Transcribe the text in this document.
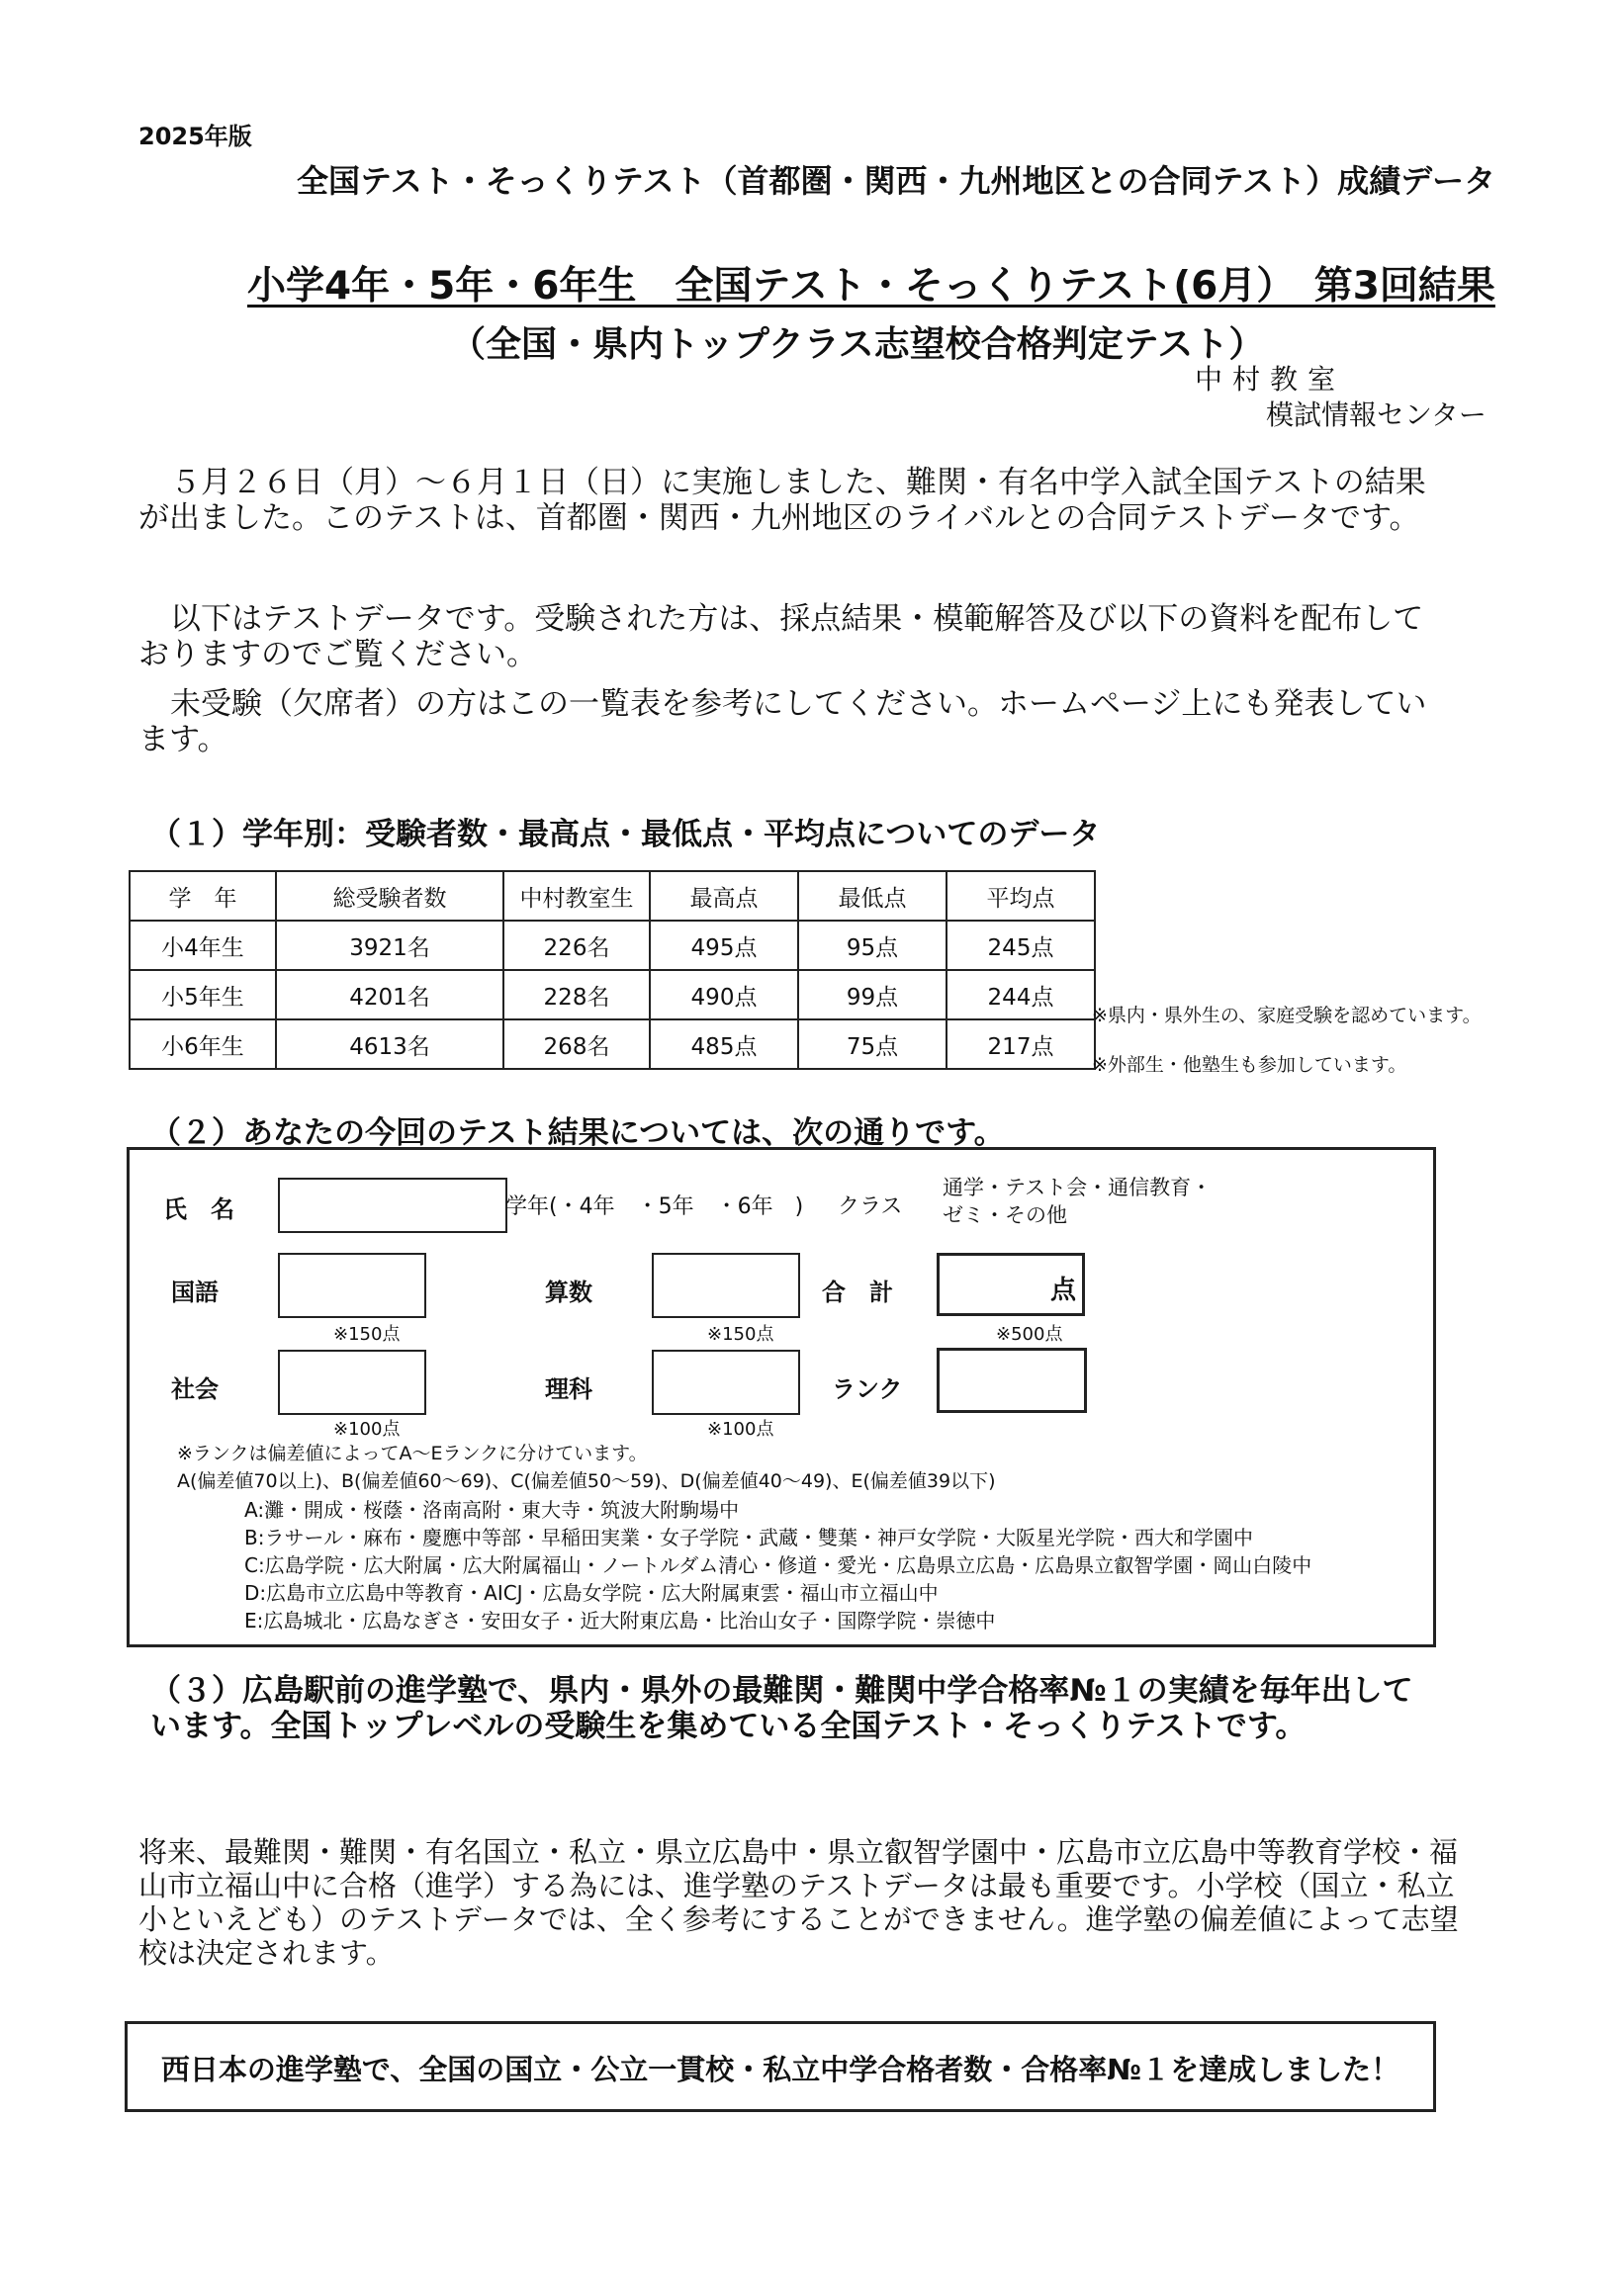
2025年版
全国テスト・そっくりテスト（首都圏・関西・九州地区との合同テスト）成績データ
小学4年・5年・6年生　全国テスト・そっくりテスト(6月）　第3回結果
（全国・県内トップクラス志望校合格判定テスト）
中村教室
模試情報センター

５月２６日（月）～６月１日（日）に実施しました、難関・有名中学入試全国テストの結果が出ました。このテストは、首都圏・関西・九州地区のライバルとの合同テストデータです。

以下はテストデータです。受験された方は、採点結果・模範解答及び以下の資料を配布しておりますのでご覧ください。

未受験（欠席者）の方はこの一覧表を参考にしてください。ホームページ上にも発表しています。

（１）学年別：受験者数・最高点・最低点・平均点についてのデータ
学　年	総受験者数	中村教室生	最高点	最低点	平均点
小4年生	3921名	226名	495点	95点	245点
小5年生	4201名	228名	490点	99点	244点
小6年生	4613名	268名	485点	75点	217点
※県内・県外生の、家庭受験を認めています。
※外部生・他塾生も参加しています。
（２）あなたの今回のテスト結果については、次の通りです。
氏　名	学年(・4年　・5年　・6年　) クラス
通学・テスト会・通信教育・
ゼミ・その他
国語
※150点
算数
※150点
合　計	点
※500点
社会
※100点
理科
※100点
ランク
※ランクは偏差値によってA～Eランクに分けています。
A(偏差値70以上)、B(偏差値60～69)、C(偏差値50～59)、D(偏差値40～49)、E(偏差値39以下)
A:灘・開成・桜蔭・洛南高附・東大寺・筑波大附駒場中
B:ラサール・麻布・慶應中等部・早稲田実業・女子学院・武蔵・雙葉・神戸女学院・大阪星光学院・西大和学園中
C:広島学院・広大附属・広大附属福山・ノートルダム清心・修道・愛光・広島県立広島・広島県立叡智学園・岡山白陵中
D:広島市立広島中等教育・AICJ・広島女学院・広大附属東雲・福山市立福山中
E:広島城北・広島なぎさ・安田女子・近大附東広島・比治山女子・国際学院・崇徳中
（３）広島駅前の進学塾で、県内・県外の最難関・難関中学合格率№１の実績を毎年出して
います。全国トップレベルの受験生を集めている全国テスト・そっくりテストです。
将来、最難関・難関・有名国立・私立・県立広島中・県立叡智学園中・広島市立広島中等教育学校・福山市立福山中に合格（進学）する為には、進学塾のテストデータは最も重要です。小学校（国立・私立小といえども）のテストデータでは、全く参考にすることができません。進学塾の偏差値によって志望校は決定されます。
西日本の進学塾で、全国の国立・公立一貫校・私立中学合格者数・合格率№１を達成しました！
